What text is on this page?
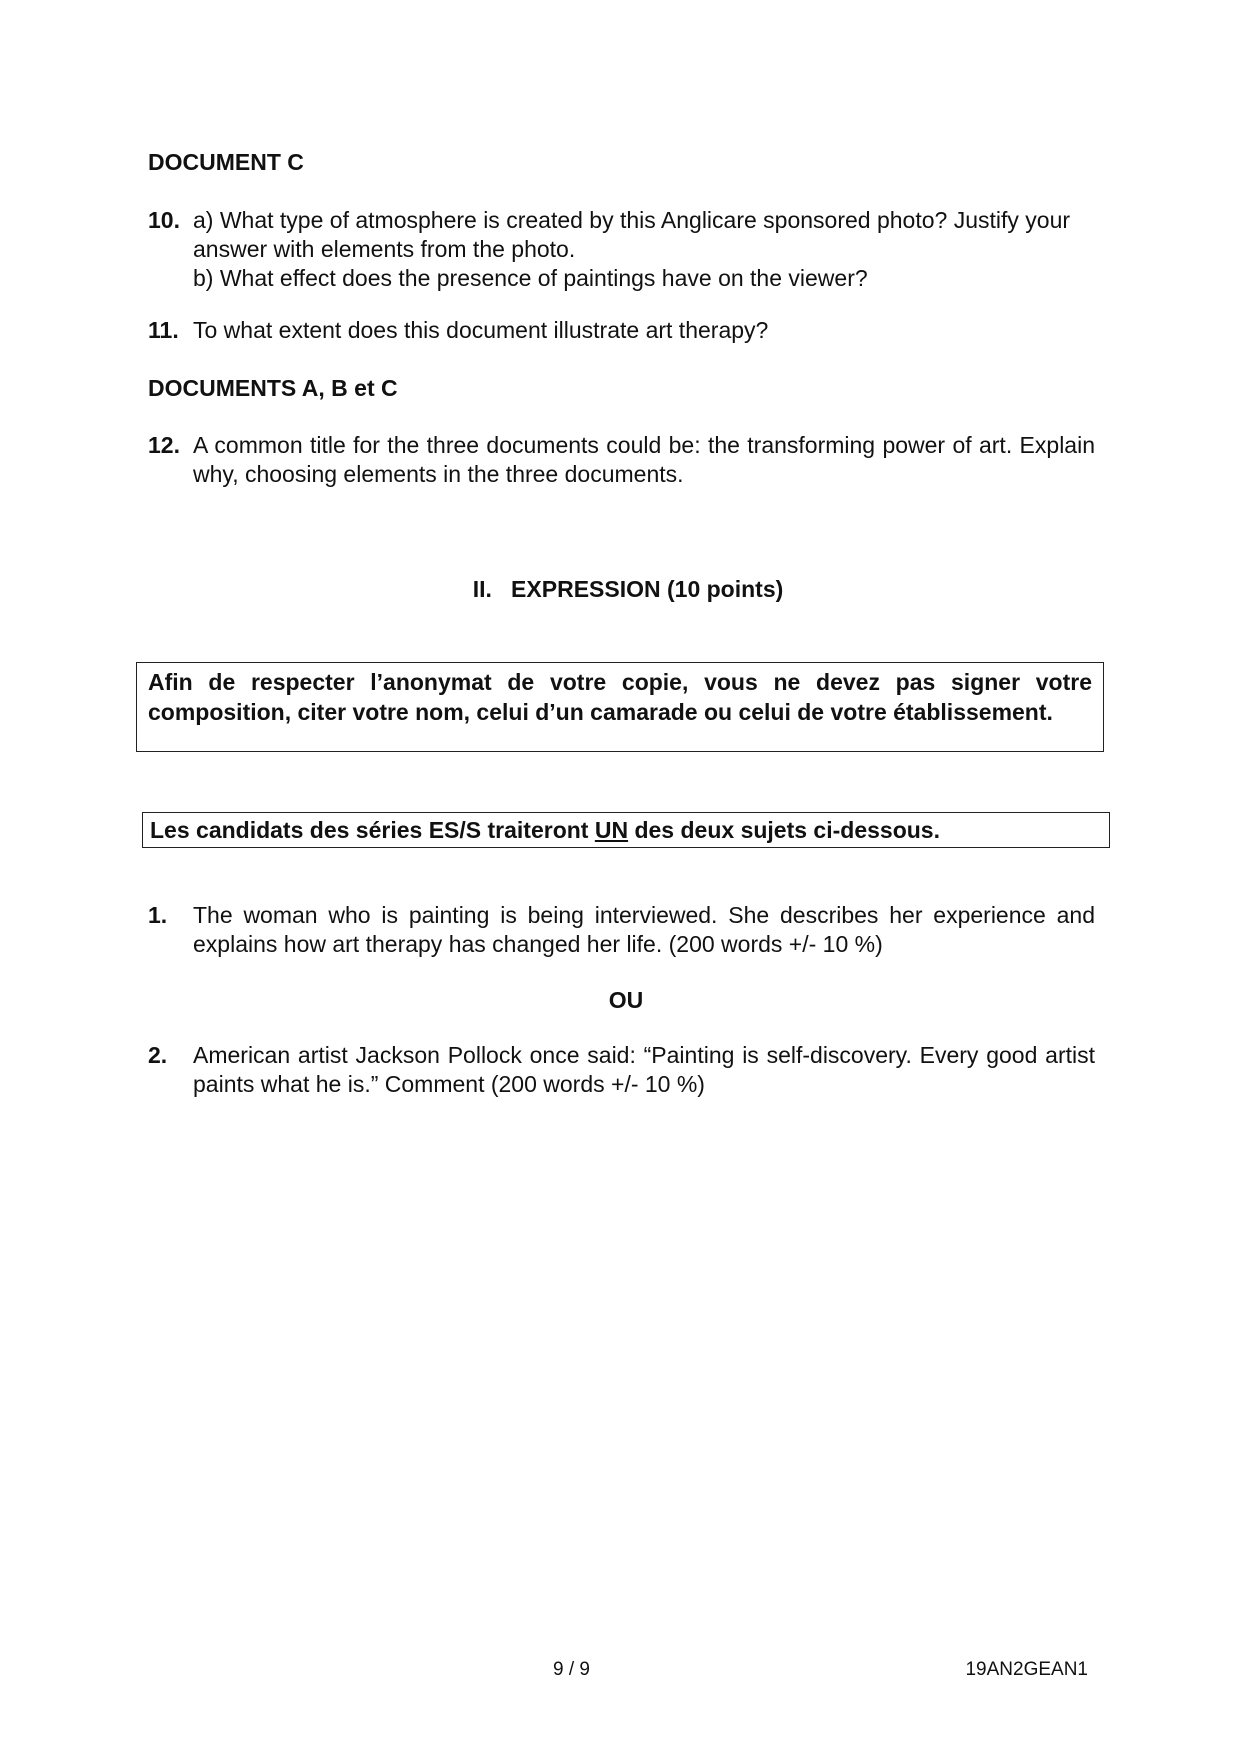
DOCUMENT C
10. a) What type of atmosphere is created by this Anglicare sponsored photo? Justify your answer with elements from the photo.
b) What effect does the presence of paintings have on the viewer?
11. To what extent does this document illustrate art therapy?
DOCUMENTS A, B et C
12. A common title for the three documents could be: the transforming power of art. Explain why, choosing elements in the three documents.
II.   EXPRESSION (10 points)

Afin de respecter l’anonymat de votre copie, vous ne devez pas signer votre composition, citer votre nom, celui d’un camarade ou celui de votre établissement.

Les candidats des séries ES/S traiteront UN des deux sujets ci-dessous.

1. The woman who is painting is being interviewed. She describes her experience and explains how art therapy has changed her life. (200 words +/- 10 %)
OU
2. American artist Jackson Pollock once said: “Painting is self-discovery. Every good artist paints what he is.” Comment (200 words +/- 10 %)
9 / 9	19AN2GEAN1
